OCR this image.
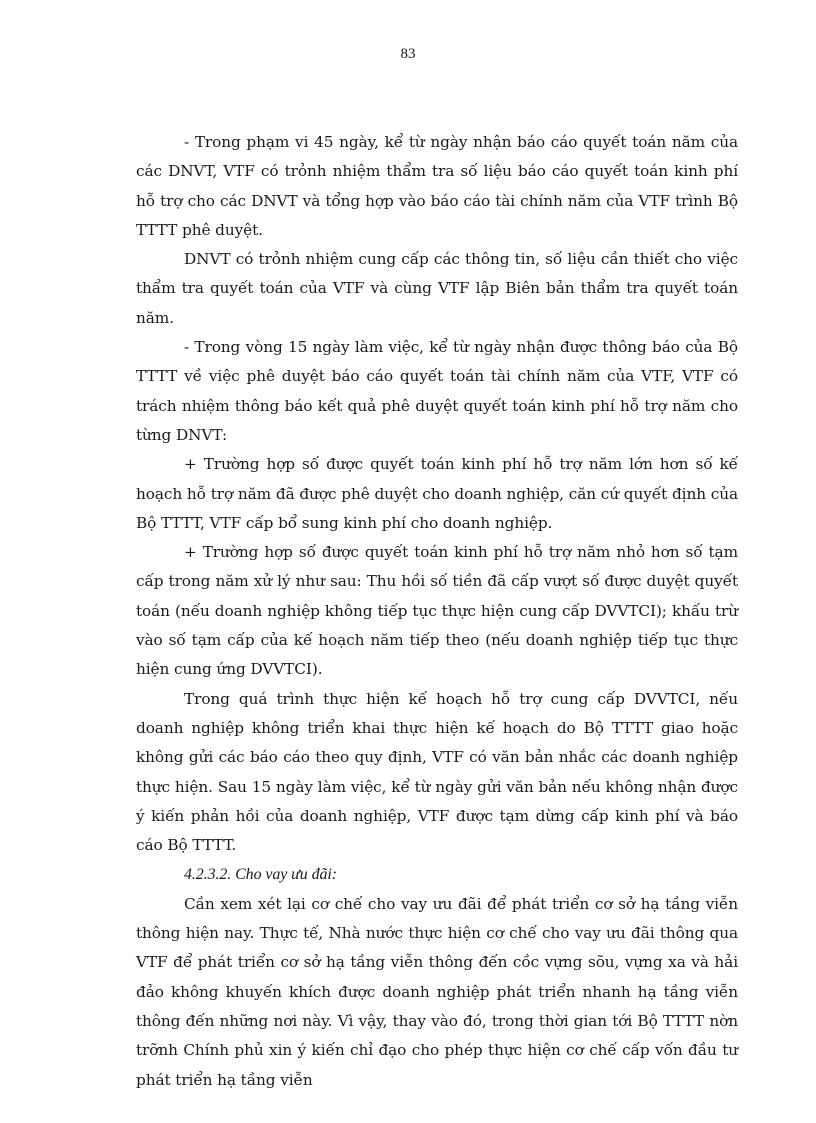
83

- Trong phạm vi 45 ngày, kể từ ngày nhận báo cáo quyết toán năm của các DNVT, VTF có trỏnh nhiệm thẩm tra số liệu báo cáo quyết toán kinh phí hỗ trợ cho các DNVT và tổng hợp vào báo cáo tài chính năm của VTF trình Bộ TTTT phê duyệt.

DNVT có trỏnh nhiệm cung cấp các thông tin, số liệu cần thiết cho việc thẩm tra quyết toán của VTF và cùng VTF lập Biên bản thẩm tra quyết toán năm.

- Trong vòng 15 ngày làm việc, kể từ ngày nhận được thông báo của Bộ TTTT về việc phê duyệt báo cáo quyết toán tài chính năm của VTF, VTF có trách nhiệm thông báo kết quả phê duyệt quyết toán kinh phí hỗ trợ năm cho từng DNVT:

+ Trường hợp số được quyết toán kinh phí hỗ trợ năm lớn hơn số kế hoạch hỗ trợ năm đã được phê duyệt cho doanh nghiệp, căn cứ quyết định của Bộ TTTT, VTF cấp bổ sung kinh phí cho doanh nghiệp.

+ Trường hợp số được quyết toán kinh phí hỗ trợ năm nhỏ hơn số tạm cấp trong năm xử lý như sau: Thu hồi số tiền đã cấp vượt số được duyệt quyết toán (nếu doanh nghiệp không tiếp tục thực hiện cung cấp DVVTCI); khấu trừ vào số tạm cấp của kế hoạch năm tiếp theo (nếu doanh nghiệp tiếp tục thực hiện cung ứng DVVTCI).

Trong quá trình thực hiện kế hoạch hỗ trợ cung cấp DVVTCI, nếu doanh nghiệp không triển khai thực hiện kế hoạch do Bộ TTTT giao hoặc không gửi các báo cáo theo quy định, VTF có văn bản nhắc các doanh nghiệp thực hiện. Sau 15 ngày làm việc, kể từ ngày gửi văn bản nếu không nhận được ý kiến phản hồi của doanh nghiệp, VTF được tạm dừng cấp kinh phí và báo cáo Bộ TTTT.

4.2.3.2. Cho vay ưu đãi:

Cần xem xét lại cơ chế cho vay ưu đãi để phát triển cơ sở hạ tầng viễn thông hiện nay. Thực tế, Nhà nước thực hiện cơ chế cho vay ưu đãi thông qua VTF để phát triển cơ sở hạ tầng viễn thông đến cồc vựng sõu, vựng xa và hải đảo không khuyến khích được doanh nghiệp phát triển nhanh hạ tầng viễn thông đến những nơi này. Vì vậy, thay vào đó, trong thời gian tới Bộ TTTT nờn trỡnh Chính phủ xin ý kiến chỉ đạo cho phép thực hiện cơ chế cấp vốn đầu tư phát triển hạ tầng viễn
